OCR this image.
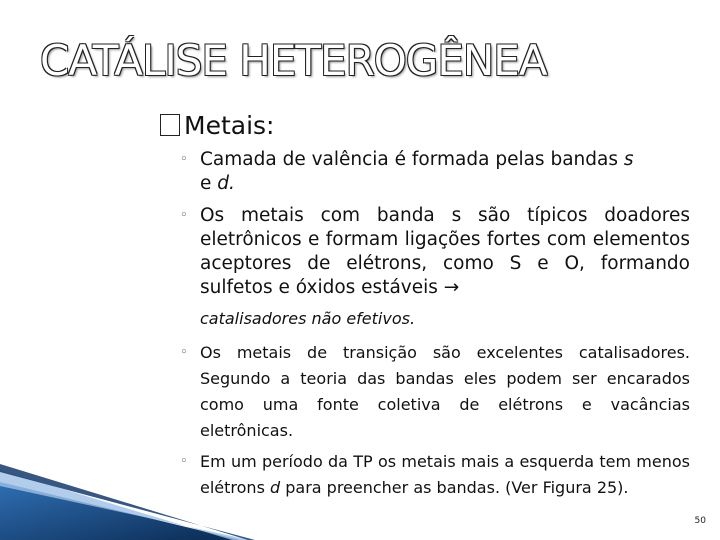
CATÁLISE HETEROGÊNEA
Metais:
◦ Camada de valência é formada pelas bandas s
e d.
◦ Os metais com banda s são típicos doadores eletrônicos e formam ligações fortes com elementos aceptores de elétrons, como S e O, formando sulfetos e óxidos estáveis →
catalisadores não efetivos.
◦ Os metais de transição são excelentes catalisadores. Segundo a teoria das bandas eles podem ser encarados como uma fonte coletiva de elétrons e vacâncias eletrônicas.
◦ Em um período da TP os metais mais a esquerda tem menos elétrons d para preencher as bandas. (Ver Figura 25).
50
